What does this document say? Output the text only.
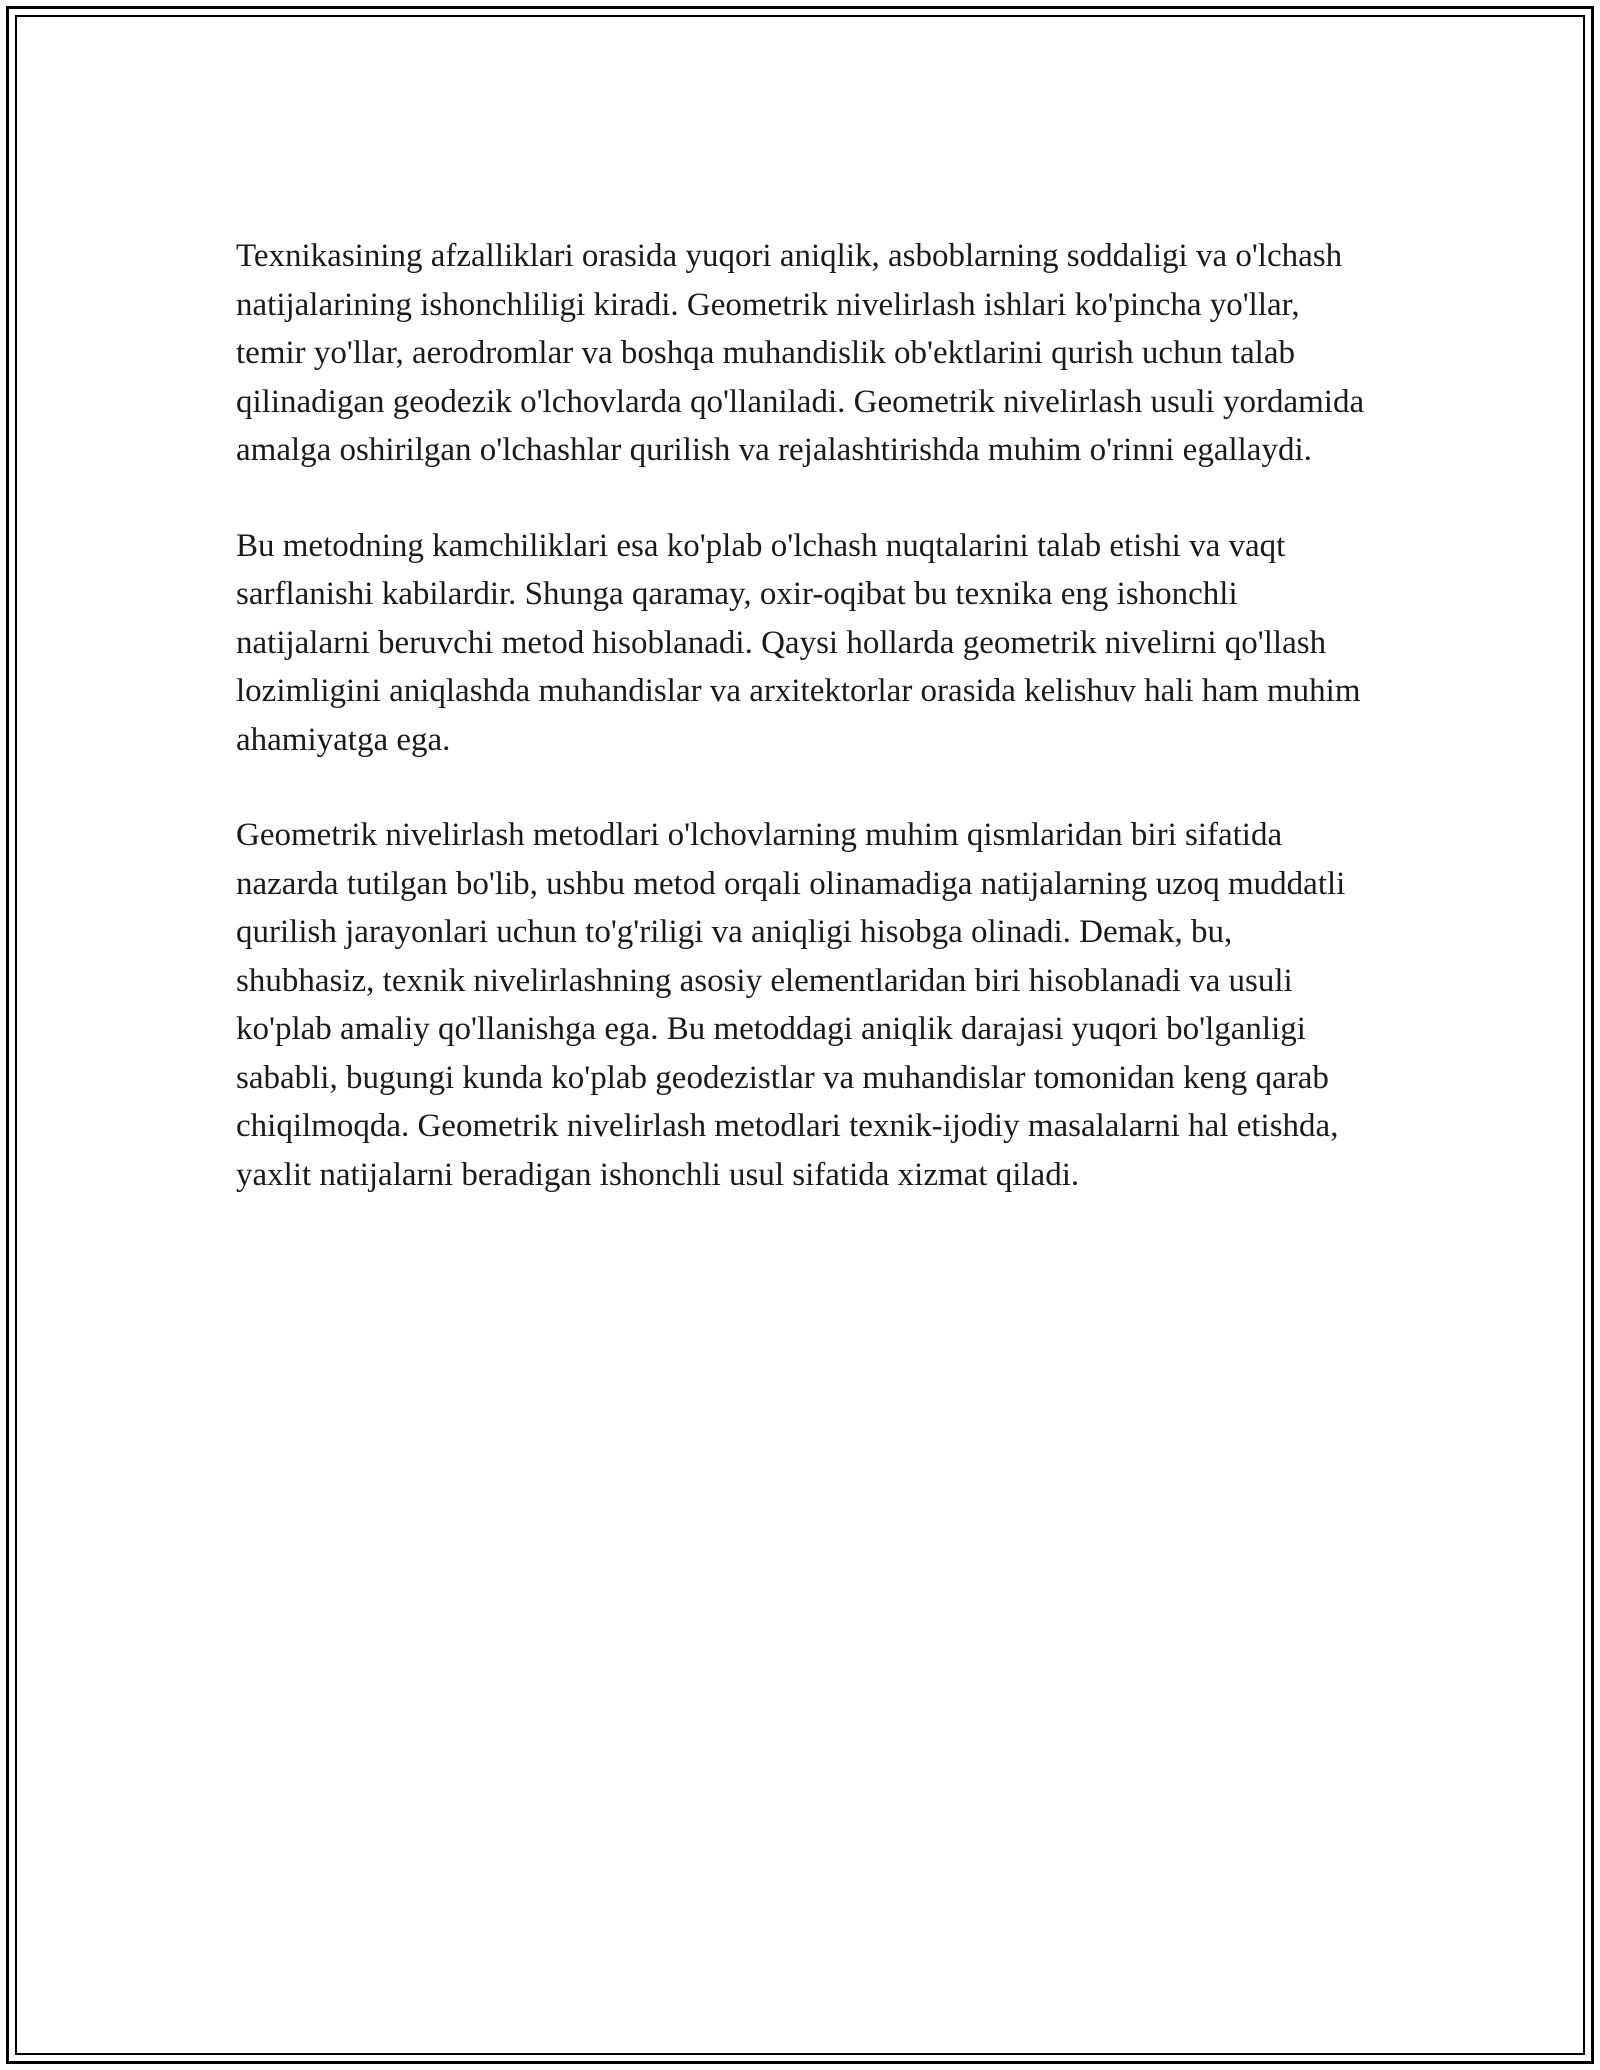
Texnikasining afzalliklari orasida yuqori aniqlik, asboblarning soddaligi va o'lchash natijalarining ishonchliligi kiradi. Geometrik nivelirlash ishlari ko'pincha yo'llar, temir yo'llar, aerodromlar va boshqa muhandislik ob'ektlarini qurish uchun talab qilinadigan geodezik o'lchovlarda qo'llaniladi. Geometrik nivelirlash usuli yordamida amalga oshirilgan o'lchashlar qurilish va rejalashtirishda muhim o'rinni egallaydi.

Bu metodning kamchiliklari esa ko'plab o'lchash nuqtalarini talab etishi va vaqt sarflanishi kabilardir. Shunga qaramay, oxir-oqibat bu texnika eng ishonchli natijalarni beruvchi metod hisoblanadi. Qaysi hollarda geometrik nivelirni qo'llash lozimligini aniqlashda muhandislar va arxitektorlar orasida kelishuv hali ham muhim ahamiyatga ega.

Geometrik nivelirlash metodlari o'lchovlarning muhim qismlaridan biri sifatida nazarda tutilgan bo'lib, ushbu metod orqali olinamadiga natijalarning uzoq muddatli qurilish jarayonlari uchun to'g'riligi va aniqligi hisobga olinadi. Demak, bu, shubhasiz, texnik nivelirlashning asosiy elementlaridan biri hisoblanadi va usuli ko'plab amaliy qo'llanishga ega. Bu metoddagi aniqlik darajasi yuqori bo'lganligi sababli, bugungi kunda ko'plab geodezistlar va muhandislar tomonidan keng qarab chiqilmoqda. Geometrik nivelirlash metodlari texnik-ijodiy masalalarni hal etishda, yaxlit natijalarni beradigan ishonchli usul sifatida xizmat qiladi.
